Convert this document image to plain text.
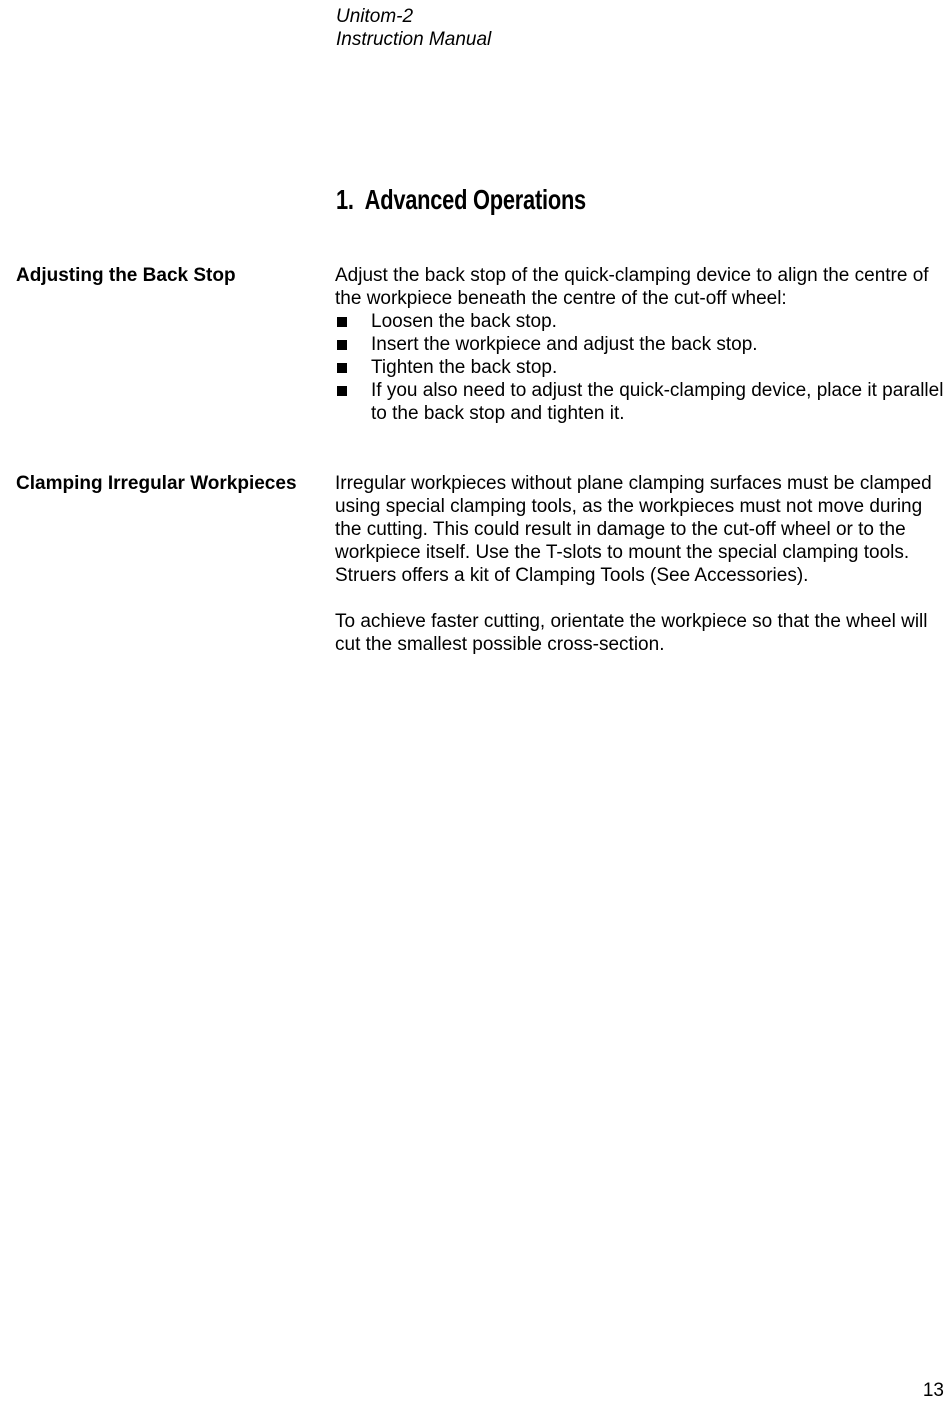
Unitom-2
Instruction Manual
1. Advanced Operations
Adjusting the Back Stop	Adjust the back stop of the quick-clamping device to align the centre of the workpiece beneath the centre of the cut-off wheel:

Loosen the back stop.
Insert the workpiece and adjust the back stop.
Tighten the back stop.
If you also need to adjust the quick-clamping device, place it parallel to the back stop and tighten it.
Clamping Irregular Workpieces Irregular workpieces without plane clamping surfaces must be clamped using special clamping tools, as the workpieces must not move during the cutting. This could result in damage to the cut-off wheel or to the workpiece itself. Use the T-slots to mount the special clamping tools. Struers offers a kit of Clamping Tools (See Accessories).

To achieve faster cutting, orientate the workpiece so that the wheel will cut the smallest possible cross-section.

13
